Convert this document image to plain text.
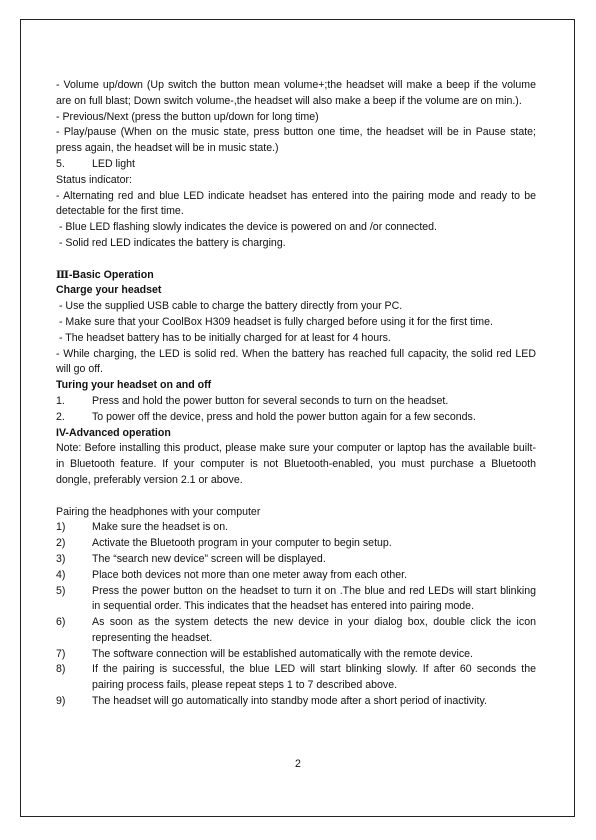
- Volume up/down (Up switch the button mean volume+;the headset will make a beep if the volume are on full blast; Down switch volume-,the headset will also make a beep if the volume are on min.).

- Previous/Next (press the button up/down for long time)

- Play/pause (When on the music state, press button one time, the headset will be in Pause state; press again, the headset will be in music state.)

5.	LED light

Status indicator:

- Alternating red and blue LED indicate headset has entered into the pairing mode and ready to be detectable for the first time.

- Blue LED flashing slowly indicates the device is powered on and /or connected.

- Solid red LED indicates the battery is charging.

Ⅲ-Basic Operation

Charge your headset

- Use the supplied USB cable to charge the battery directly from your PC.

- Make sure that your CoolBox H309 headset is fully charged before using it for the first time.

- The headset battery has to be initially charged for at least for 4 hours.

- While charging, the LED is solid red. When the battery has reached full capacity, the solid red LED will go off.

Turing your headset on and off

1.	Press and hold the power button for several seconds to turn on the headset.
2.	To power off the device, press and hold the power button again for a few seconds.

IV-Advanced operation

Note: Before installing this product, please make sure your computer or laptop has the available built-in Bluetooth feature. If your computer is not Bluetooth-enabled, you must purchase a Bluetooth dongle, preferably version 2.1 or above.

Pairing the headphones with your computer

1)	Make sure the headset is on.
2)	Activate the Bluetooth program in your computer to begin setup.
3)	The “search new device” screen will be displayed.
4)	Place both devices not more than one meter away from each other.
5)	Press the power button on the headset to turn it on .The blue and red LEDs will start blinking in sequential order. This indicates that the headset has entered into pairing mode.
6)	As soon as the system detects the new device in your dialog box, double click the icon representing the headset.
7)	The software connection will be established automatically with the remote device.
8)	If the pairing is successful, the blue LED will start blinking slowly. If after 60 seconds the pairing process fails, please repeat steps 1 to 7 described above.
9)	The headset will go automatically into standby mode after a short period of inactivity.
2
